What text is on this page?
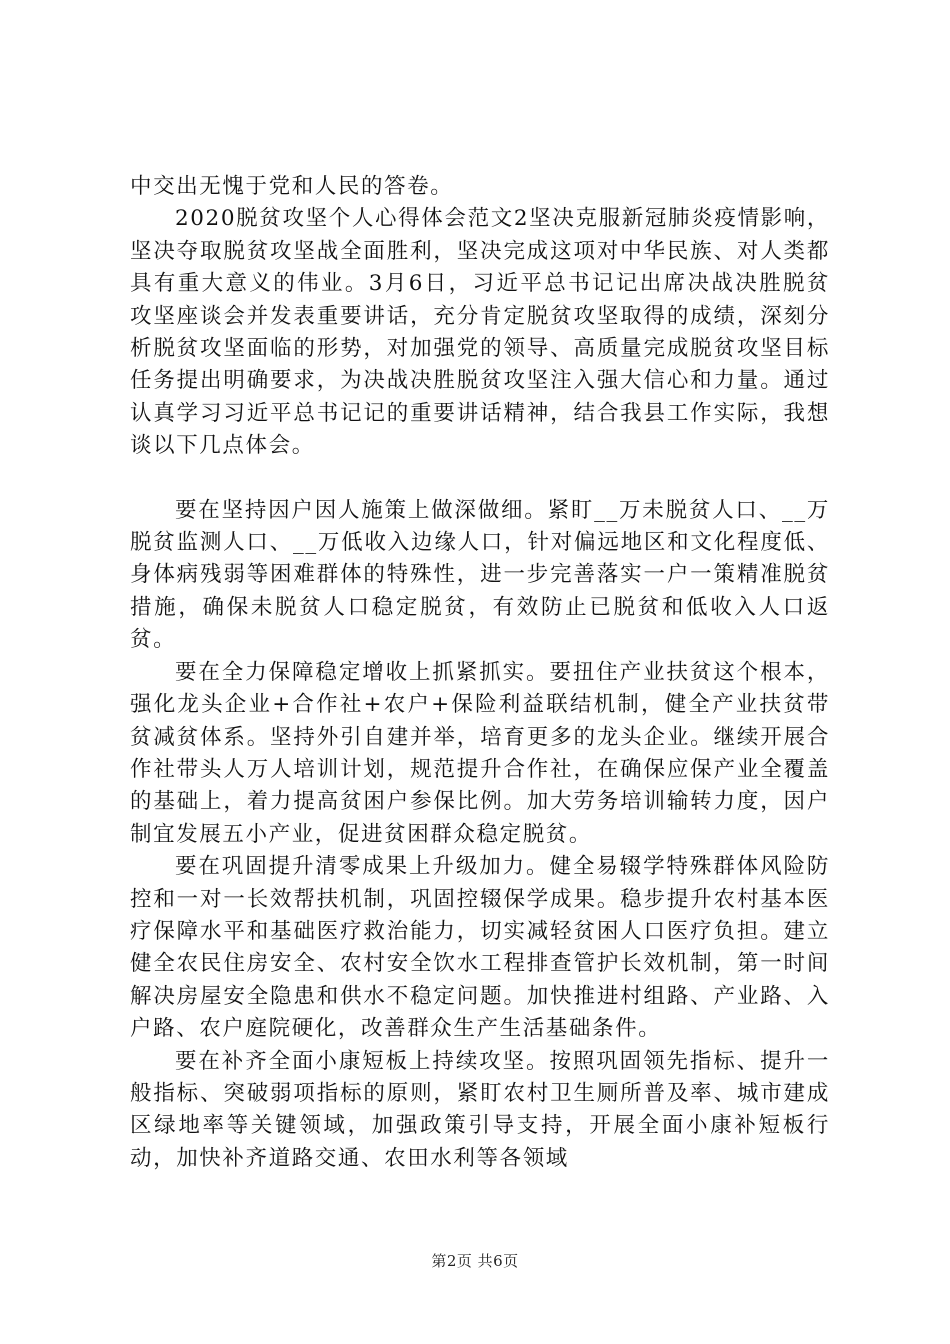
中交出无愧于党和人民的答卷。

2020脱贫攻坚个人心得体会范文2坚决克服新冠肺炎疫情影响，坚决夺取脱贫攻坚战全面胜利，坚决完成这项对中华民族、对人类都具有重大意义的伟业。3月6日，习近平总书记记出席决战决胜脱贫攻坚座谈会并发表重要讲话，充分肯定脱贫攻坚取得的成绩，深刻分析脱贫攻坚面临的形势，对加强党的领导、高质量完成脱贫攻坚目标任务提出明确要求，为决战决胜脱贫攻坚注入强大信心和力量。通过认真学习习近平总书记记的重要讲话精神，结合我县工作实际，我想谈以下几点体会。

要在坚持因户因人施策上做深做细。紧盯__万未脱贫人口、__万脱贫监测人口、__万低收入边缘人口，针对偏远地区和文化程度低、身体病残弱等困难群体的特殊性，进一步完善落实一户一策精准脱贫措施，确保未脱贫人口稳定脱贫，有效防止已脱贫和低收入人口返贫。

要在全力保障稳定增收上抓紧抓实。要扭住产业扶贫这个根本，强化龙头企业+合作社+农户+保险利益联结机制，健全产业扶贫带贫减贫体系。坚持外引自建并举，培育更多的龙头企业。继续开展合作社带头人万人培训计划，规范提升合作社，在确保应保产业全覆盖的基础上，着力提高贫困户参保比例。加大劳务培训输转力度，因户制宜发展五小产业，促进贫困群众稳定脱贫。

要在巩固提升清零成果上升级加力。健全易辍学特殊群体风险防控和一对一长效帮扶机制，巩固控辍保学成果。稳步提升农村基本医疗保障水平和基础医疗救治能力，切实减轻贫困人口医疗负担。建立健全农民住房安全、农村安全饮水工程排查管护长效机制，第一时间解决房屋安全隐患和供水不稳定问题。加快推进村组路、产业路、入户路、农户庭院硬化，改善群众生产生活基础条件。

要在补齐全面小康短板上持续攻坚。按照巩固领先指标、提升一般指标、突破弱项指标的原则，紧盯农村卫生厕所普及率、城市建成区绿地率等关键领域，加强政策引导支持，开展全面小康补短板行动，加快补齐道路交通、农田水利等各领域

第2页 共6页
